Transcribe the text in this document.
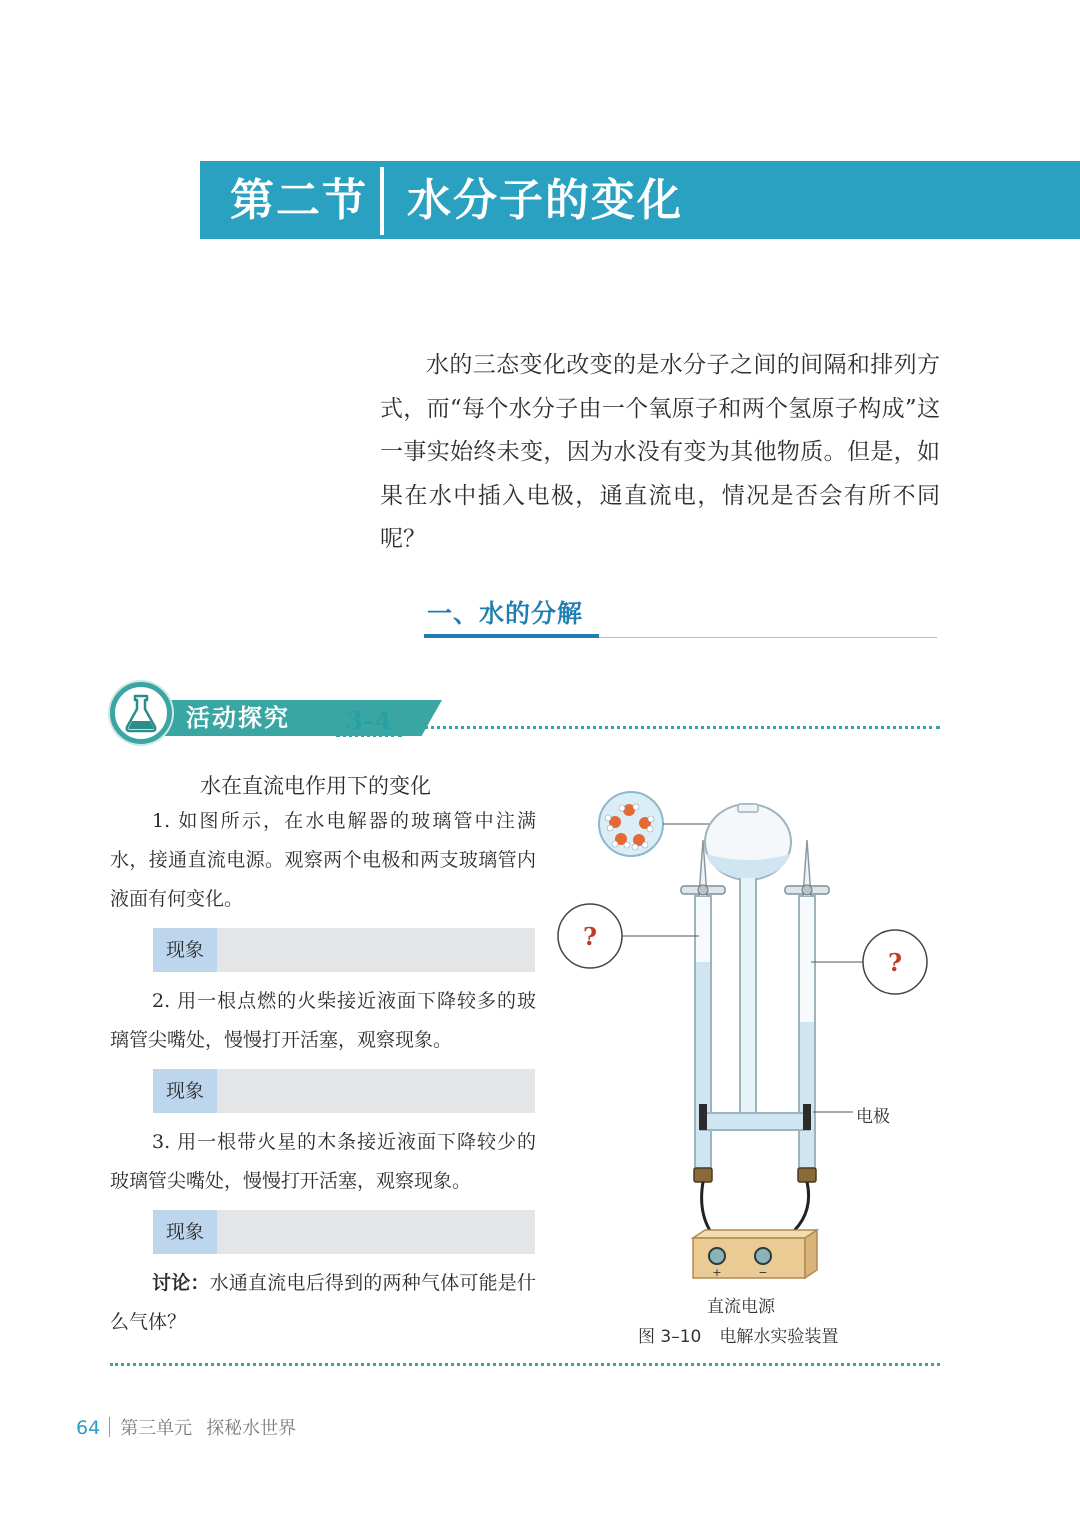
第二节 水分子的变化

水的三态变化改变的是水分子之间的间隔和排列方式，而“每个水分子由一个氧原子和两个氢原子构成”这一事实始终未变，因为水没有变为其他物质。但是，如果在水中插入电极，通直流电，情况是否会有所不同呢？

一、水的分解
活动探究 3–4
水在直流电作用下的变化

1. 如图所示，在水电解器的玻璃管中注满水，接通直流电源。观察两个电极和两支玻璃管内液面有何变化。

现象

2. 用一根点燃的火柴接近液面下降较多的玻璃管尖嘴处，慢慢打开活塞，观察现象。

现象

3. 用一根带火星的木条接近液面下降较少的玻璃管尖嘴处，慢慢打开活塞，观察现象。

现象

讨论：水通直流电后得到的两种气体可能是什么气体？

+	−
?
?
电极
直流电源
图 3–10 电解水实验装置
64 第三单元 探秘水世界
